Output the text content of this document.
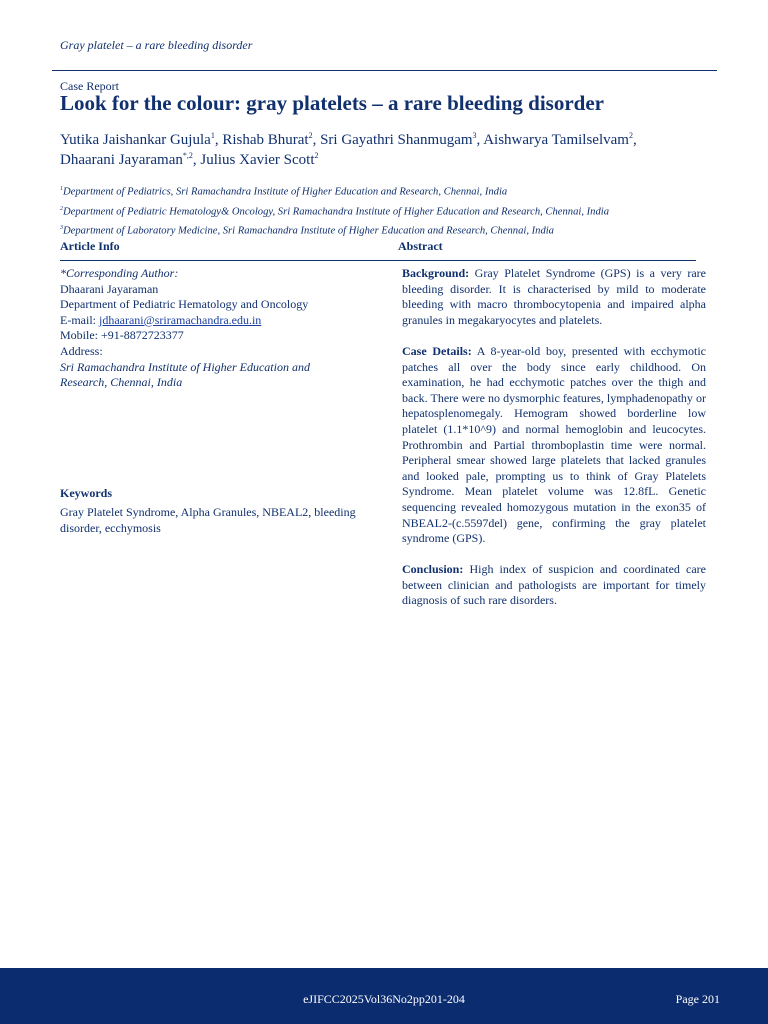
Gray platelet – a rare bleeding disorder
Case Report
Look for the colour: gray platelets – a rare bleeding disorder
Yutika Jaishankar Gujula$^1$, Rishab Bhurat$^2$, Sri Gayathri Shanmugam$^3$, Aishwarya Tamilselvam$^2$,
Dhaarani Jayaraman$^{*,2}$, Julius Xavier Scott$^2$
$^1$Department of Pediatrics, Sri Ramachandra Institute of Higher Education and Research, Chennai, India
$^2$Department of Pediatric Hematology& Oncology, Sri Ramachandra Institute of Higher Education and Research, Chennai, India
$^3$Department of Laboratory Medicine, Sri Ramachandra Institute of Higher Education and Research, Chennai, India
Article Info	Abstract
*Corresponding Author:
Dhaarani Jayaraman
Department of Pediatric Hematology and Oncology
E-mail: jdhaarani@sriramachandra.edu.in
Mobile: +91-8872723377
Address:
Sri Ramachandra Institute of Higher Education and
Research, Chennai, India
Keywords
Gray Platelet Syndrome, Alpha Granules, NBEAL2, bleeding disorder, ecchymosis

Background: Gray Platelet Syndrome (GPS) is a very rare bleeding disorder. It is characterised by mild to moderate bleeding with macro thrombocytopenia and impaired alpha granules in megakaryocytes and platelets.

Case Details: A 8-year-old boy, presented with ecchymotic patches all over the body since early childhood. On examination, he had ecchymotic patches over the thigh and back. There were no dysmorphic features, lymphadenopathy or hepatosplenomegaly. Hemogram showed borderline low platelet (1.1*10^9) and normal hemoglobin and leucocytes. Prothrombin and Partial thromboplastin time were normal. Peripheral smear showed large platelets that lacked granules and looked pale, prompting us to think of Gray Platelets Syndrome. Mean platelet volume was 12.8fL. Genetic sequencing revealed homozygous mutation in the exon35 of NBEAL2-(c.5597del) gene, confirming the gray platelet syndrome (GPS).

Conclusion: High index of suspicion and coordinated care between clinician and pathologists are important for timely diagnosis of such rare disorders.

eJIFCC2025Vol36No2pp201-204	Page 201
